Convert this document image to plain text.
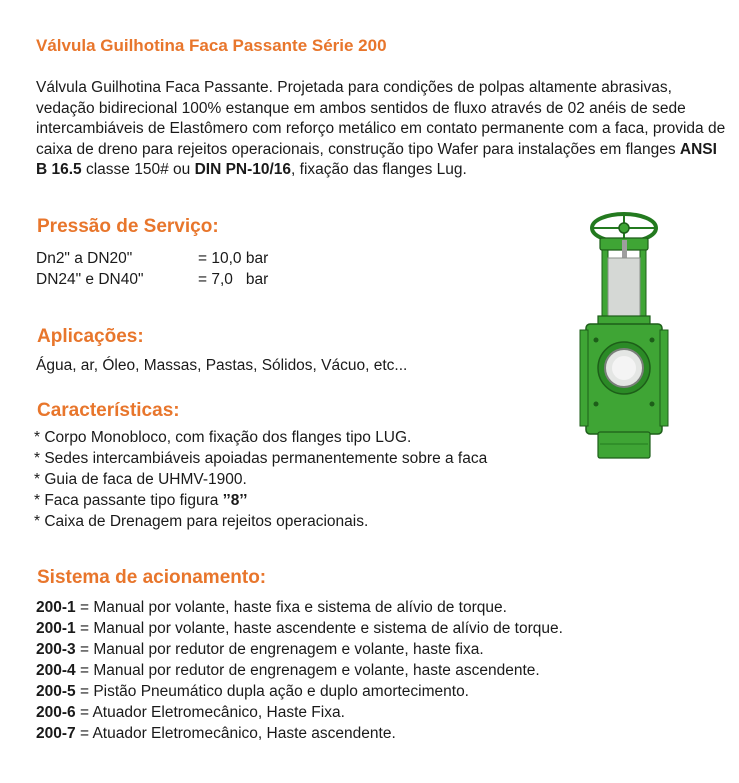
Válvula Guilhotina Faca Passante Série 200
Válvula Guilhotina Faca Passante. Projetada para condições de polpas altamente abrasivas, vedação bidirecional 100% estanque em ambos sentidos de fluxo através de 02 anéis de sede intercambiáveis de Elastômero com reforço metálico em contato permanente com a faca, provida de caixa de dreno para rejeitos operacionais, construção tipo Wafer para instalações em flanges ANSI B 16.5 classe 150# ou DIN PN-10/16, fixação das flanges Lug.
Pressão de Serviço:
Dn2" a DN20"	= 10,0 bar
DN24" e DN40"	= 7,0   bar
Aplicações:
Água, ar, Óleo, Massas, Pastas, Sólidos, Vácuo, etc...
Características:
* Corpo Monobloco, com fixação dos flanges tipo LUG.
* Sedes intercambiáveis apoiadas permanentemente sobre a faca
* Guia de faca de UHMV-1900.
* Faca passante tipo figura ’’8’’
* Caixa de Drenagem para rejeitos operacionais.
Sistema de acionamento:
200-1 = Manual por volante, haste fixa e sistema de alívio de torque.
200-1 = Manual por volante, haste ascendente e sistema de alívio de torque.
200-3 = Manual por redutor de engrenagem e volante, haste fixa.
200-4 = Manual por redutor de engrenagem e volante, haste ascendente.
200-5 = Pistão Pneumático dupla ação e duplo amortecimento.
200-6 = Atuador Eletromecânico, Haste Fixa.
200-7 = Atuador Eletromecânico, Haste ascendente.
